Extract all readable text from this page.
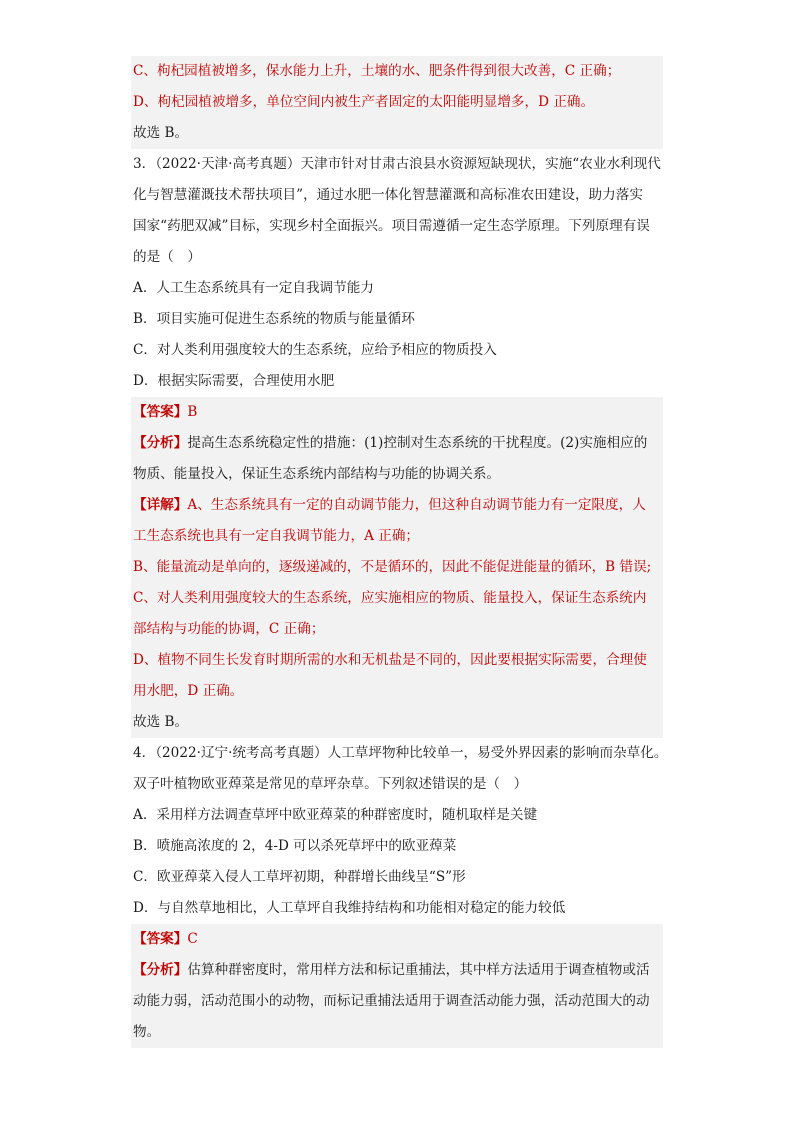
C、枸杞园植被增多，保水能力上升，土壤的水、肥条件得到很大改善，C 正确；
D、枸杞园植被增多，单位空间内被生产者固定的太阳能明显增多，D 正确。
故选 B。
3．（2022·天津·高考真题）天津市针对甘肃古浪县水资源短缺现状，实施“农业水利现代
化与智慧灌溉技术帮扶项目”，通过水肥一体化智慧灌溉和高标准农田建设，助力落实
国家“药肥双减”目标，实现乡村全面振兴。项目需遵循一定生态学原理。下列原理有误
的是（　）
A．人工生态系统具有一定自我调节能力
B．项目实施可促进生态系统的物质与能量循环
C．对人类利用强度较大的生态系统，应给予相应的物质投入
D．根据实际需要，合理使用水肥
【答案】B
【分析】提高生态系统稳定性的措施：(1)控制对生态系统的干扰程度。(2)实施相应的
物质、能量投入，保证生态系统内部结构与功能的协调关系。
【详解】A、生态系统具有一定的自动调节能力，但这种自动调节能力有一定限度，人
工生态系统也具有一定自我调节能力，A 正确；
B、能量流动是单向的，逐级递减的，不是循环的，因此不能促进能量的循环，B 错误;
C、对人类利用强度较大的生态系统，应实施相应的物质、能量投入，保证生态系统内
部结构与功能的协调，C 正确；
D、植物不同生长发育时期所需的水和无机盐是不同的，因此要根据实际需要，合理使
用水肥，D 正确。
故选 B。
4．（2022·辽宁·统考高考真题）人工草坪物种比较单一，易受外界因素的影响而杂草化。
双子叶植物欧亚蔊菜是常见的草坪杂草。下列叙述错误的是（　）
A．采用样方法调查草坪中欧亚蔊菜的种群密度时，随机取样是关键
B．喷施高浓度的 2，4-D 可以杀死草坪中的欧亚蔊菜
C．欧亚蔊菜入侵人工草坪初期，种群增长曲线呈“S”形
D．与自然草地相比，人工草坪自我维持结构和功能相对稳定的能力较低
【答案】C
【分析】估算种群密度时，常用样方法和标记重捕法，其中样方法适用于调查植物或活
动能力弱，活动范围小的动物，而标记重捕法适用于调查活动能力强，活动范围大的动
物。
